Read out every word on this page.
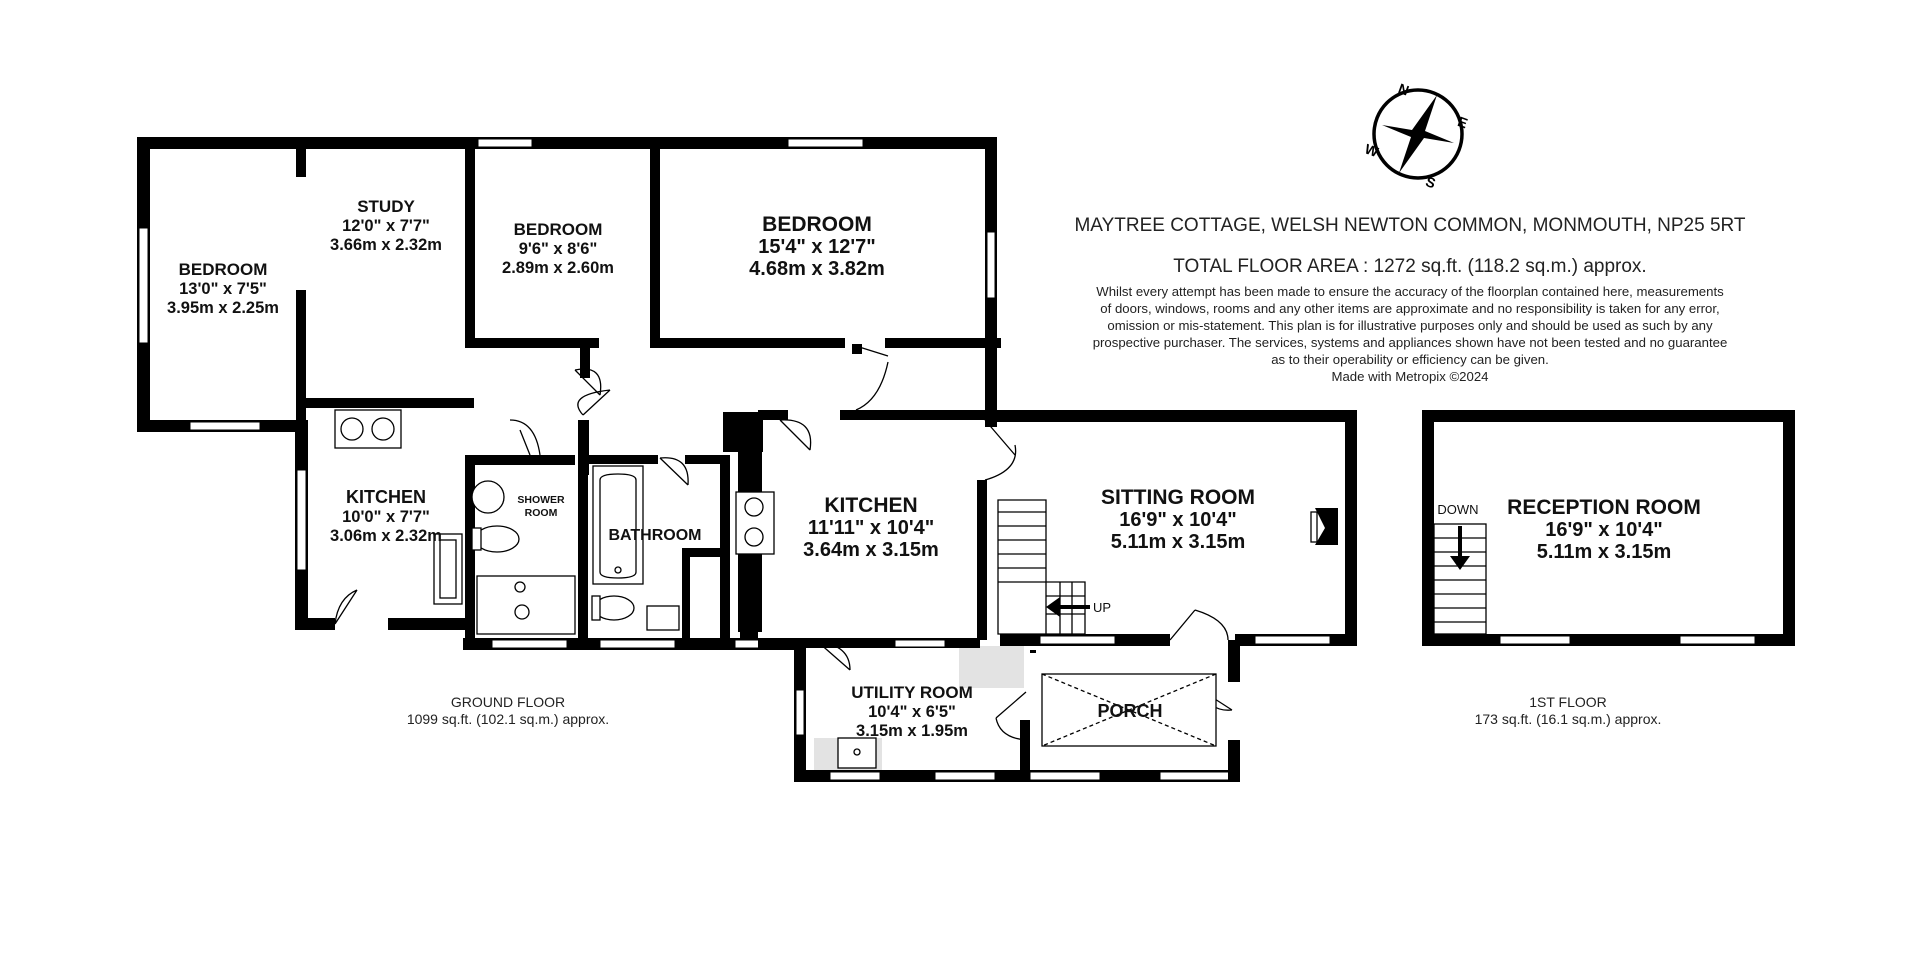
N
E
S
W
MAYTREE COTTAGE, WELSH NEWTON COMMON, MONMOUTH, NP25 5RT
TOTAL FLOOR AREA : 1272 sq.ft. (118.2 sq.m.) approx.
Whilst every attempt has been made to ensure the accuracy of the floorplan contained here, measurements
of doors, windows, rooms and any other items are approximate and no responsibility is taken for any error,
omission or mis-statement. This plan is for illustrative purposes only and should be used as such by any
prospective purchaser. The services, systems and appliances shown have not been tested and no guarantee
as to their operability or efficiency can be given.
Made with Metropix ©2024
BEDROOM
13'0" x 7'5"
3.95m x 2.25m
STUDY
12'0" x 7'7"
3.66m x 2.32m
BEDROOM
9'6" x 8'6"
2.89m x 2.60m
BEDROOM
15'4" x 12'7"
4.68m x 3.82m
KITCHEN
10'0" x 7'7"
3.06m x 2.32m
SHOWER
ROOM
BATHROOM
KITCHEN
11'11" x 10'4"
3.64m x 3.15m
SITTING ROOM
16'9" x 10'4"
5.11m x 3.15m
UP
UTILITY ROOM
10'4" x 6'5"
3.15m x 1.95m
PORCH
GROUND FLOOR
1099 sq.ft. (102.1 sq.m.) approx.
DOWN RECEPTION ROOM
16'9" x 10'4"
5.11m x 3.15m
1ST FLOOR
173 sq.ft. (16.1 sq.m.) approx.
